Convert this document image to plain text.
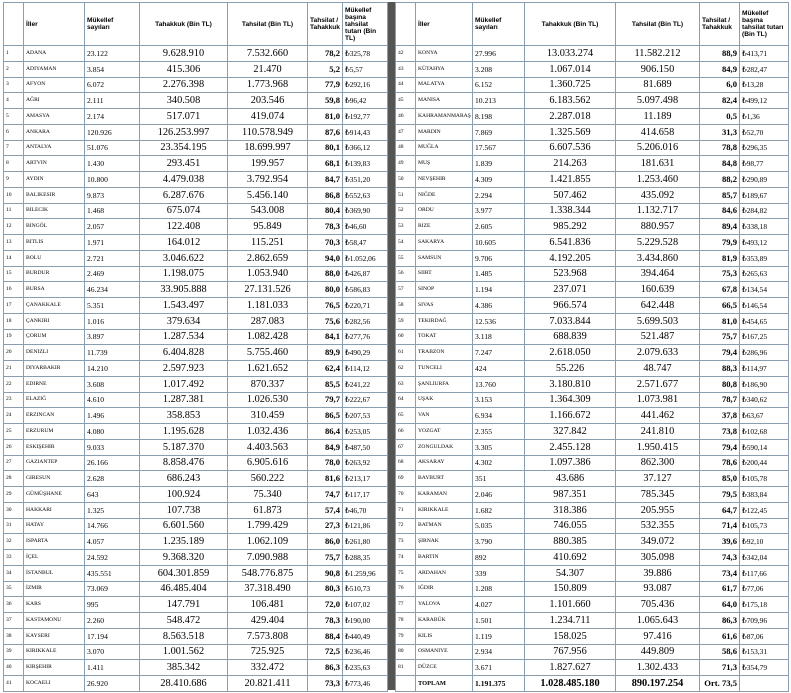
	İller	Mükellef sayıları	Tahakkuk (Bin TL)	Tahsilat (Bin TL)	Tahsilat / Tahakkuk	Mükellef başına tahsilat tutarı (Bin TL)
1	ADANA	23.122	9.628.910	7.532.660	78,2	₺325,78
2	ADIYAMAN	3.854	415.306	21.470	5,2	₺5,57
3	AFYON	6.072	2.276.398	1.773.968	77,9	₺292,16
4	AĞRI	2.111	340.508	203.546	59,8	₺96,42
5	AMASYA	2.174	517.071	419.074	81,0	₺192,77
6	ANKARA	120.926	126.253.997	110.578.949	87,6	₺914,43
7	ANTALYA	51.076	23.354.195	18.699.997	80,1	₺366,12
8	ARTVIN	1.430	293.451	199.957	68,1	₺139,83
9	AYDIN	10.800	4.479.038	3.792.954	84,7	₺351,20
10	BALIKESIR	9.873	6.287.676	5.456.140	86,8	₺552,63
11	BILECIK	1.468	675.074	543.008	80,4	₺369,90
12	BINGÖL	2.057	122.408	95.849	78,3	₺46,60
13	BITLIS	1.971	164.012	115.251	70,3	₺58,47
14	BOLU	2.721	3.046.622	2.862.659	94,0	₺1.052,06
15	BURDUR	2.469	1.198.075	1.053.940	88,0	₺426,87
16	BURSA	46.234	33.905.888	27.131.526	80,0	₺586,83
17	ÇANAKKALE	5.351	1.543.497	1.181.033	76,5	₺220,71
18	ÇANKIRI	1.016	379.634	287.083	75,6	₺282,56
19	ÇORUM	3.897	1.287.534	1.082.428	84,1	₺277,76
20	DENIZLI	11.739	6.404.828	5.755.460	89,9	₺490,29
21	DIYARBAKIR	14.210	2.597.923	1.621.652	62,4	₺114,12
22	EDIRNE	3.608	1.017.492	870.337	85,5	₺241,22
23	ELAZIĞ	4.610	1.287.381	1.026.530	79,7	₺222,67
24	ERZINCAN	1.496	358.853	310.459	86,5	₺207,53
25	ERZURUM	4.080	1.195.628	1.032.436	86,4	₺253,05
26	ESKIŞEHIR	9.033	5.187.370	4.403.563	84,9	₺487,50
27	GAZIANTEP	26.166	8.858.476	6.905.616	78,0	₺263,92
28	GIRESUN	2.628	686.243	560.222	81,6	₺213,17
29	GÜMÜŞHANE	643	100.924	75.340	74,7	₺117,17
30	HAKKARI	1.325	107.738	61.873	57,4	₺46,70
31	HATAY	14.766	6.601.560	1.799.429	27,3	₺121,86
32	ISPARTA	4.057	1.235.189	1.062.109	86,0	₺261,80
33	İÇEL	24.592	9.368.320	7.090.988	75,7	₺288,35
34	İSTANBUL	435.551	604.301.859	548.776.875	90,8	₺1.259,96
35	İZMIR	73.069	46.485.404	37.318.490	80,3	₺510,73
36	KARS	995	147.791	106.481	72,0	₺107,02
37	KASTAMONU	2.260	548.472	429.404	78,3	₺190,00
38	KAYSERI	17.194	8.563.518	7.573.808	88,4	₺440,49
39	KIRIKKALE	3.070	1.001.562	725.925	72,5	₺236,46
40	KIRŞEHIR	1.411	385.342	332.472	86,3	₺235,63
41	KOCAELI	26.920	28.410.686	20.821.411	73,3	₺773,46
	İller	Mükellef sayıları	Tahakkuk (Bin TL)	Tahsilat (Bin TL)	Tahsilat / Tahakkuk	Mükellef başına tahsilat tutarı (Bin TL)
42	KONYA	27.996	13.033.274	11.582.212	88,9	₺413,71
43	KÜTAHYA	3.208	1.067.014	906.150	84,9	₺282,47
44	MALATYA	6.152	1.360.725	81.689	6,0	₺13,28
45	MANISA	10.213	6.183.562	5.097.498	82,4	₺499,12
46	KAHRAMANMARAŞ	8.198	2.287.018	11.189	0,5	₺1,36
47	MARDIN	7.869	1.325.569	414.658	31,3	₺52,70
48	MUĞLA	17.567	6.607.536	5.206.016	78,8	₺296,35
49	MUŞ	1.839	214.263	181.631	84,8	₺98,77
50	NEVŞEHIR	4.309	1.421.855	1.253.460	88,2	₺290,89
51	NIĞDE	2.294	507.462	435.092	85,7	₺189,67
52	ORDU	3.977	1.338.344	1.132.717	84,6	₺284,82
53	RIZE	2.605	985.292	880.957	89,4	₺338,18
54	SAKARYA	10.605	6.541.836	5.229.528	79,9	₺493,12
55	SAMSUN	9.706	4.192.205	3.434.860	81,9	₺353,89
56	SIIRT	1.485	523.968	394.464	75,3	₺265,63
57	SINOP	1.194	237.071	160.639	67,8	₺134,54
58	SIVAS	4.386	966.574	642.448	66,5	₺146,54
59	TEKIRDAĞ	12.536	7.033.844	5.699.503	81,0	₺454,65
60	TOKAT	3.118	688.839	521.487	75,7	₺167,25
61	TRABZON	7.247	2.618.050	2.079.633	79,4	₺286,96
62	TUNCELI	424	55.226	48.747	88,3	₺114,97
63	ŞANLIURFA	13.760	3.180.810	2.571.677	80,8	₺186,90
64	UŞAK	3.153	1.364.309	1.073.981	78,7	₺340,62
65	VAN	6.934	1.166.672	441.462	37,8	₺63,67
66	YOZGAT	2.355	327.842	241.810	73,8	₺102,68
67	ZONGULDAK	3.305	2.455.128	1.950.415	79,4	₺590,14
68	AKSARAY	4.302	1.097.386	862.300	78,6	₺200,44
69	BAYBURT	351	43.686	37.127	85,0	₺105,78
70	KARAMAN	2.046	987.351	785.345	79,5	₺383,84
71	KIRIKKALE	1.682	318.386	205.955	64,7	₺122,45
72	BATMAN	5.035	746.055	532.355	71,4	₺105,73
73	ŞIRNAK	3.790	880.385	349.072	39,6	₺92,10
74	BARTIN	892	410.692	305.098	74,3	₺342,04
75	ARDAHAN	339	54.307	39.886	73,4	₺117,66
76	IĞDIR	1.208	150.809	93.087	61,7	₺77,06
77	YALOVA	4.027	1.101.660	705.436	64,0	₺175,18
78	KARABÜK	1.501	1.234.711	1.065.643	86,3	₺709,96
79	KILIS	1.119	158.025	97.416	61,6	₺87,06
80	OSMANIYE	2.934	767.956	449.809	58,6	₺153,31
81	DÜZCE	3.671	1.827.627	1.302.433	71,3	₺354,79
	TOPLAM	1.191.375	1.028.485.180	890.197.254	Ort. 73,5	
